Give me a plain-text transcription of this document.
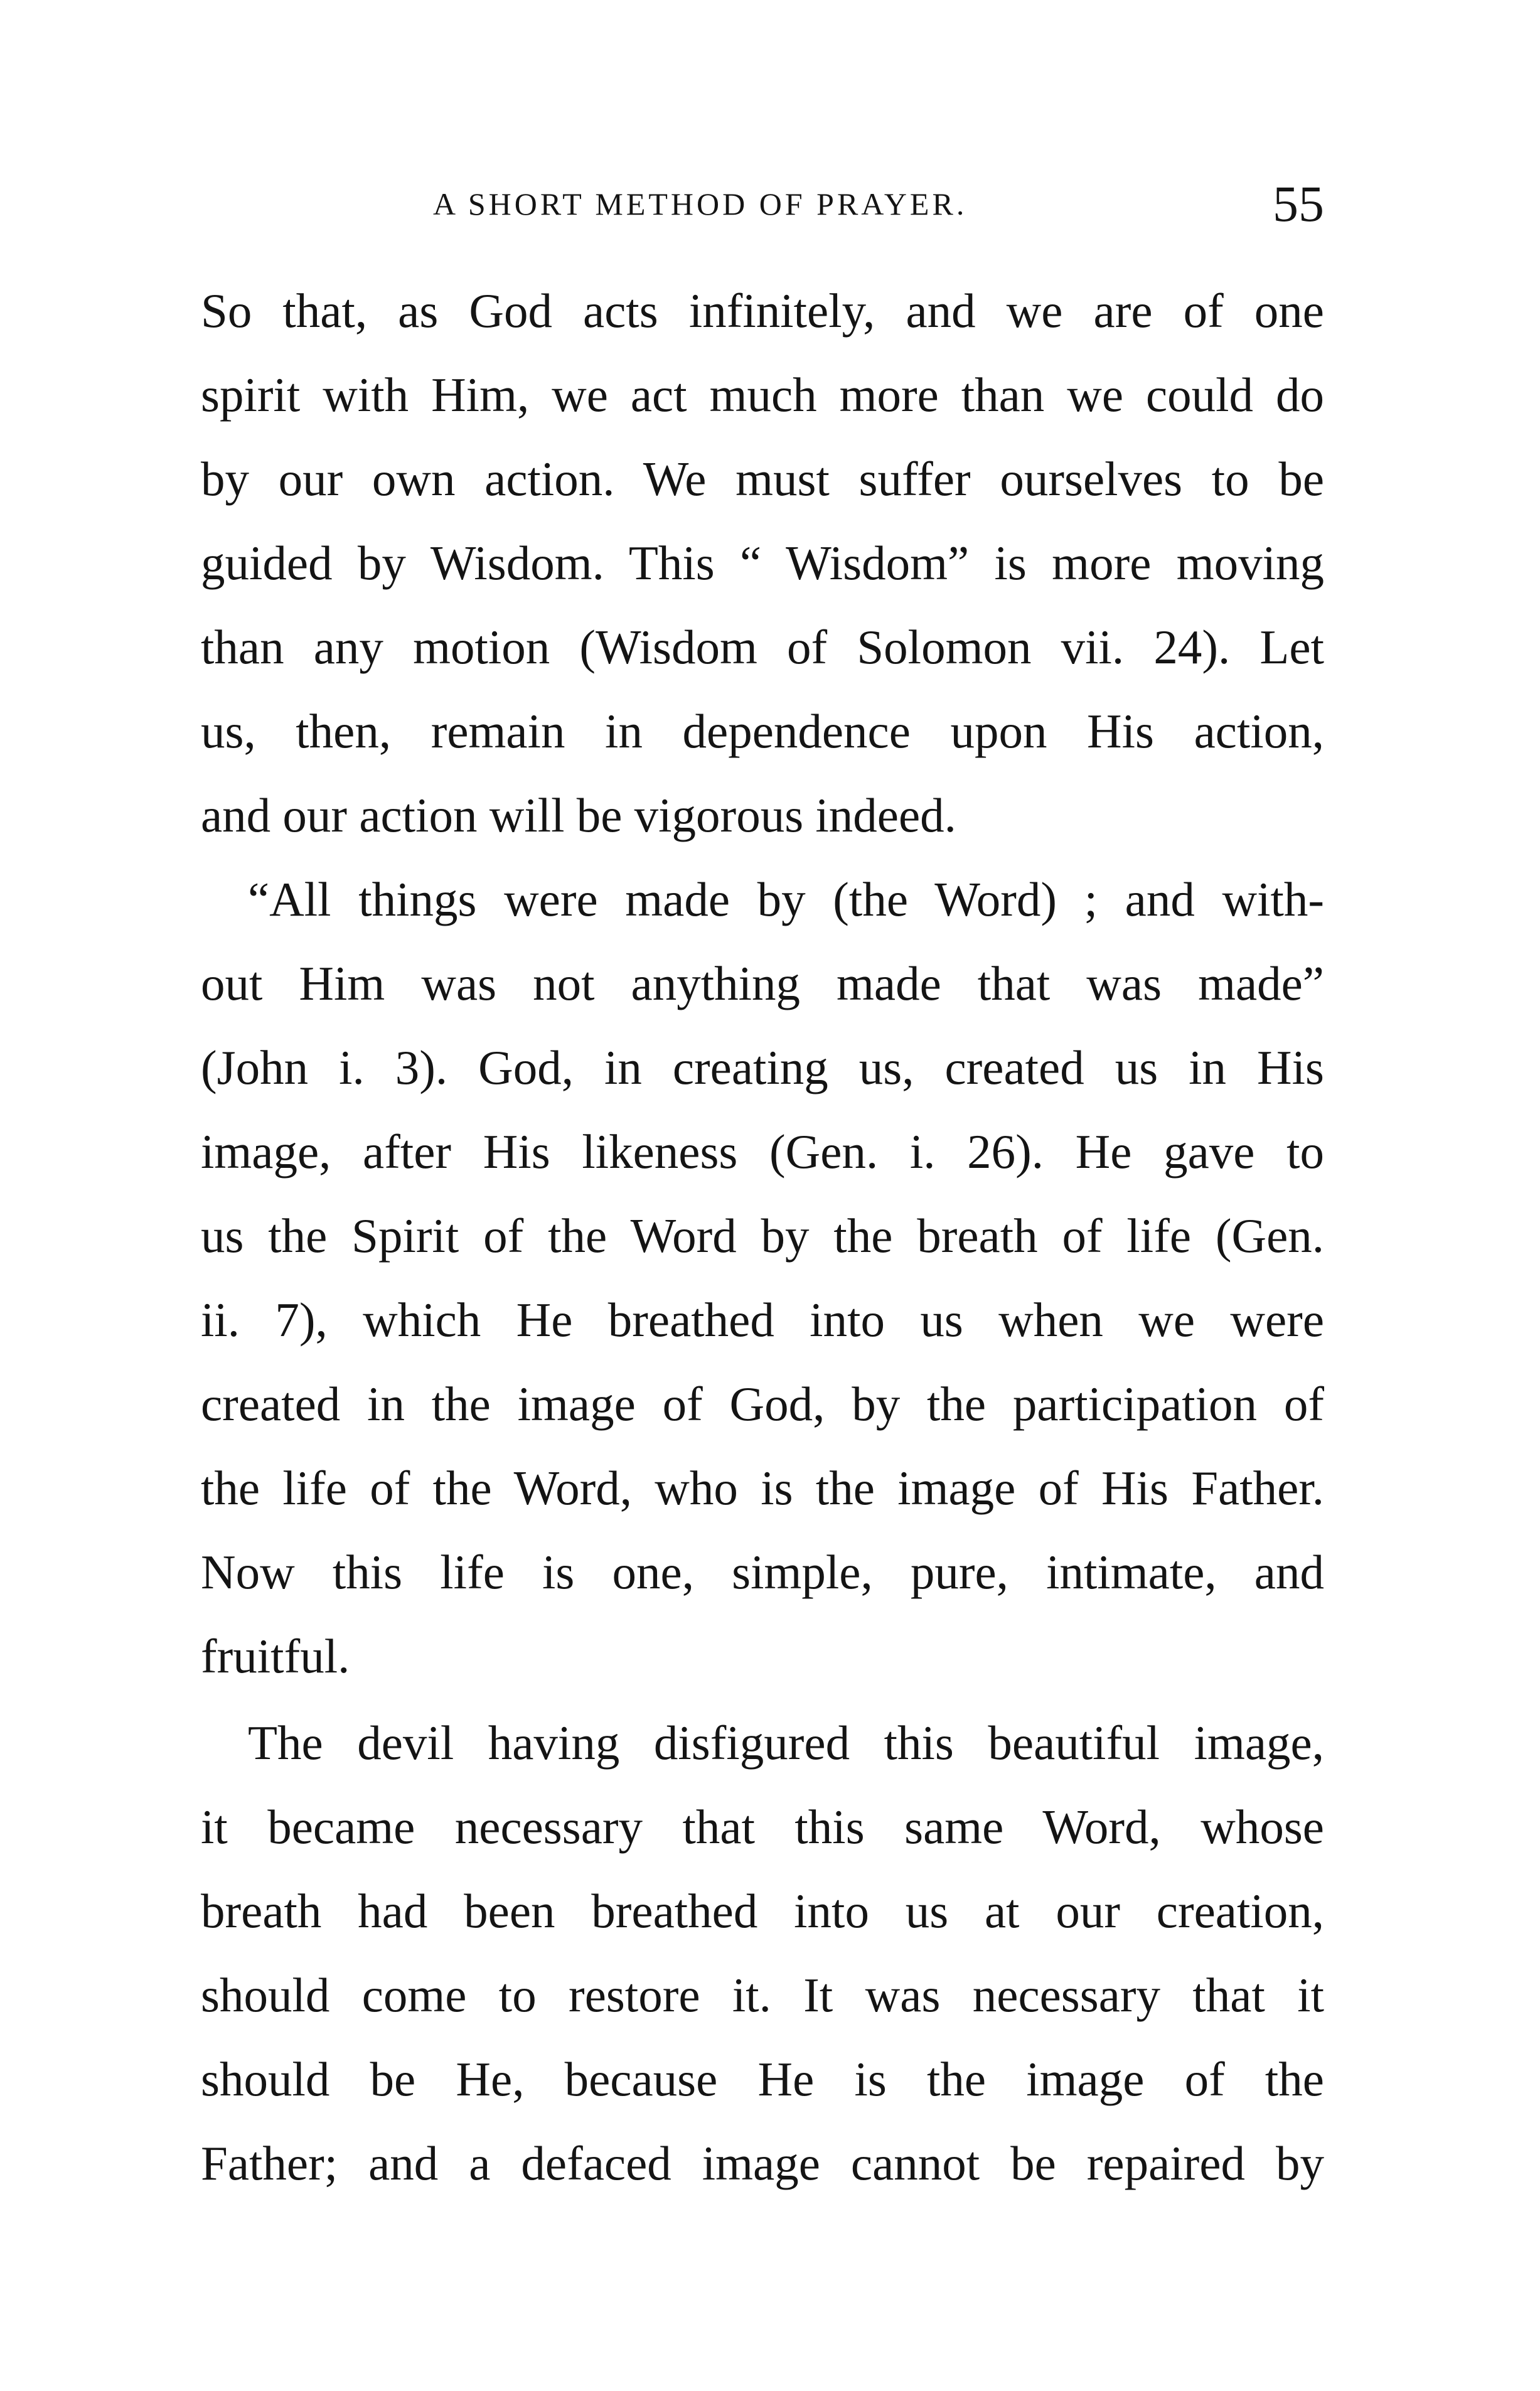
A SHORT METHOD OF PRAYER.	55
So that, as God acts infinitely, and we are of one
spirit with Him, we act much more than we could do
by our own action. We must suffer ourselves to be
guided by Wisdom. This “ Wisdom” is more moving
than any motion (Wisdom of Solomon vii. 24). Let
us, then, remain in dependence upon His action,
and our action will be vigorous indeed.
“All things were made by (the Word) ; and with-
out Him was not anything made that was made”
(John i. 3). God, in creating us, created us in His
image, after His likeness (Gen. i. 26). He gave to
us the Spirit of the Word by the breath of life (Gen.
ii. 7), which He breathed into us when we were
created in the image of God, by the participation of
the life of the Word, who is the image of His Father.
Now this life is one, simple, pure, intimate, and
fruitful.
The devil having disfigured this beautiful image,
it became necessary that this same Word, whose
breath had been breathed into us at our creation,
should come to restore it. It was necessary that it
should be He, because He is the image of the
Father; and a defaced image cannot be repaired by
